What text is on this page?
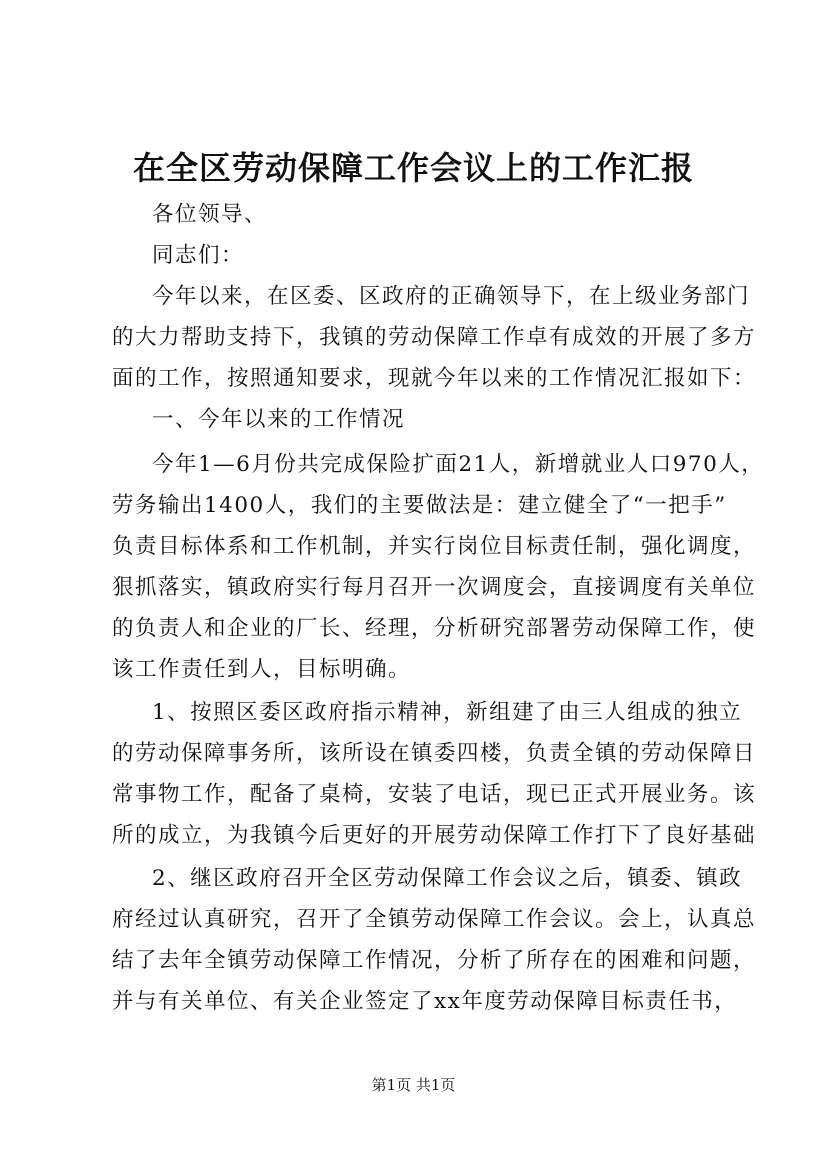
在全区劳动保障工作会议上的工作汇报
各位领导、
同志们：
今年以来，在区委、区政府的正确领导下，在上级业务部门
的大力帮助支持下，我镇的劳动保障工作卓有成效的开展了多方
面的工作，按照通知要求，现就今年以来的工作情况汇报如下：
一、今年以来的工作情况
今年1—6月份共完成保险扩面21人，新增就业人口970人，
劳务输出1400人，我们的主要做法是：建立健全了“一把手”
负责目标体系和工作机制，并实行岗位目标责任制，强化调度，
狠抓落实，镇政府实行每月召开一次调度会，直接调度有关单位
的负责人和企业的厂长、经理，分析研究部署劳动保障工作，使
该工作责任到人，目标明确。
1、按照区委区政府指示精神，新组建了由三人组成的独立
的劳动保障事务所，该所设在镇委四楼，负责全镇的劳动保障日
常事物工作，配备了桌椅，安装了电话，现已正式开展业务。该
所的成立，为我镇今后更好的开展劳动保障工作打下了良好基础
2、继区政府召开全区劳动保障工作会议之后，镇委、镇政
府经过认真研究，召开了全镇劳动保障工作会议。会上，认真总
结了去年全镇劳动保障工作情况，分析了所存在的困难和问题，
并与有关单位、有关企业签定了xx年度劳动保障目标责任书，
第1页 共1页
